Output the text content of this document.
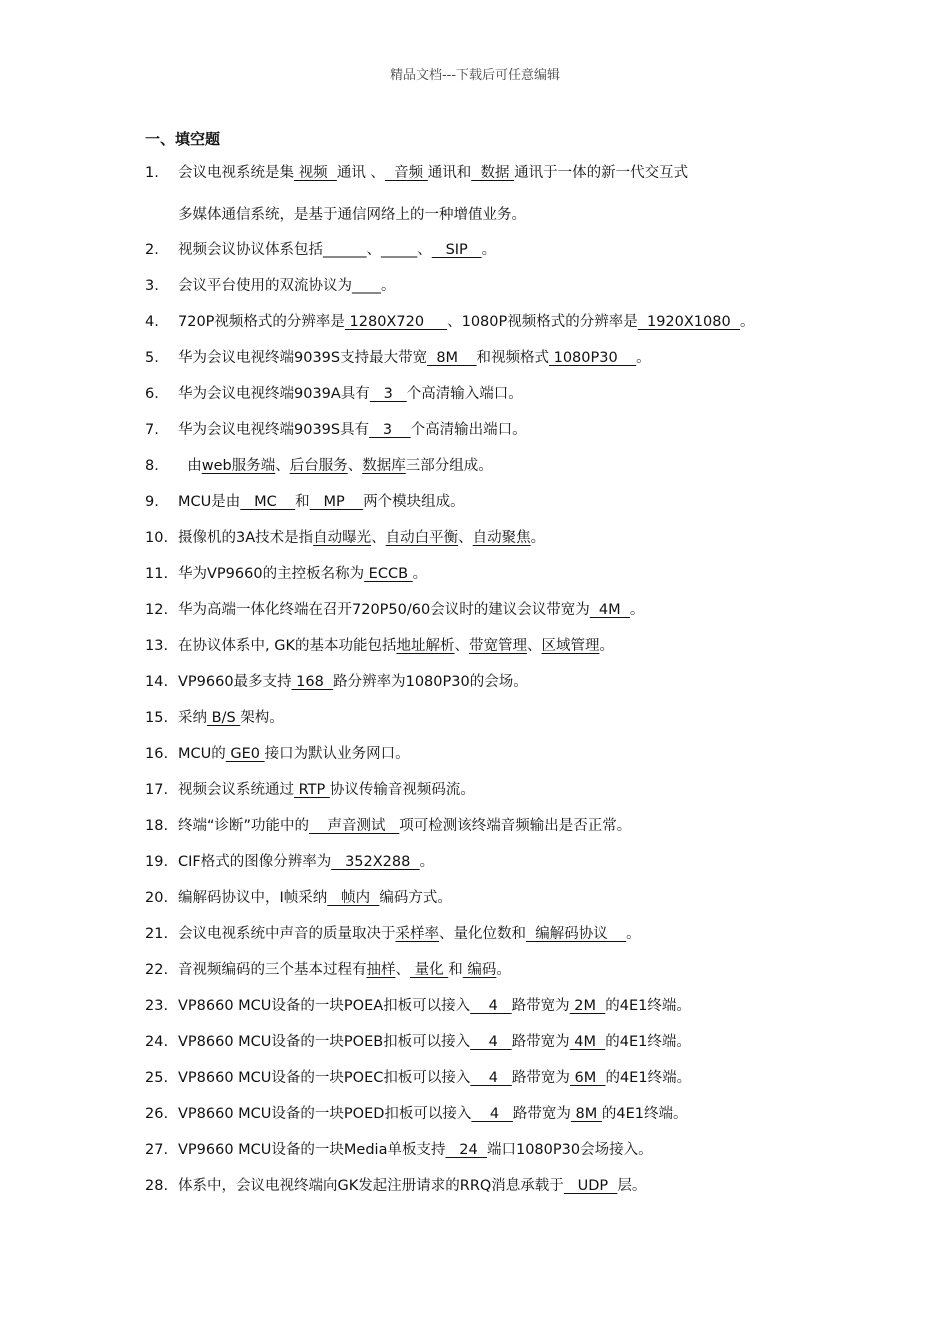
精品文档---下载后可任意编辑
一、填空题
1. 会议电视系统是集 视频  通讯 、  音频 通讯和  数据 通讯于一体的新一代交互式
多媒体通信系统，是基于通信网络上的一种增值业务。
2. 视频会议协议体系包括______、_____、   SIP   。
3. 会议平台使用的双流协议为____。
4. 720P视频格式的分辨率是 1280X720     、1080P视频格式的分辨率是  1920X1080  。
5. 华为会议电视终端9039S支持最大带宽  8M    和视频格式 1080P30    。
6. 华为会议电视终端9039A具有   3   个高清输入端口。
7. 华为会议电视终端9039S具有   3    个高清输出端口。
8.  由web服务端、后台服务、数据库三部分组成。
9. MCU是由   MC    和   MP    两个模块组成。
10. 摄像机的3A技术是指自动曝光、自动白平衡、自动聚焦。
11. 华为VP9660的主控板名称为 ECCB 。
12. 华为高端一体化终端在召开720P50/60会议时的建议会议带宽为  4M  。
13. 在协议体系中, GK的基本功能包括地址解析、带宽管理、区域管理。
14. VP9660最多支持 168  路分辨率为1080P30的会场。
15. 采纳 B/S 架构。
16. MCU的 GE0 接口为默认业务网口。
17. 视频会议系统通过 RTP 协议传输音视频码流。
18. 终端“诊断”功能中的    声音测试   项可检测该终端音频输出是否正常。
19. CIF格式的图像分辨率为   352X288  。
20. 编解码协议中，I帧采纳   帧内  编码方式。
21. 会议电视系统中声音的质量取决于采样率、量化位数和  编解码协议    。
22. 音视频编码的三个基本过程有抽样、 量化 和 编码。
23. VP8660 MCU设备的一块POEA扣板可以接入    4   路带宽为 2M  的4E1终端。
24. VP8660 MCU设备的一块POEB扣板可以接入    4   路带宽为 4M  的4E1终端。
25. VP8660 MCU设备的一块POEC扣板可以接入    4   路带宽为 6M  的4E1终端。
26. VP8660 MCU设备的一块POED扣板可以接入    4   路带宽为 8M 的4E1终端。
27. VP9660 MCU设备的一块Media单板支持   24  端口1080P30会场接入。
28. 体系中，会议电视终端向GK发起注册请求的RRQ消息承载于   UDP  层。
